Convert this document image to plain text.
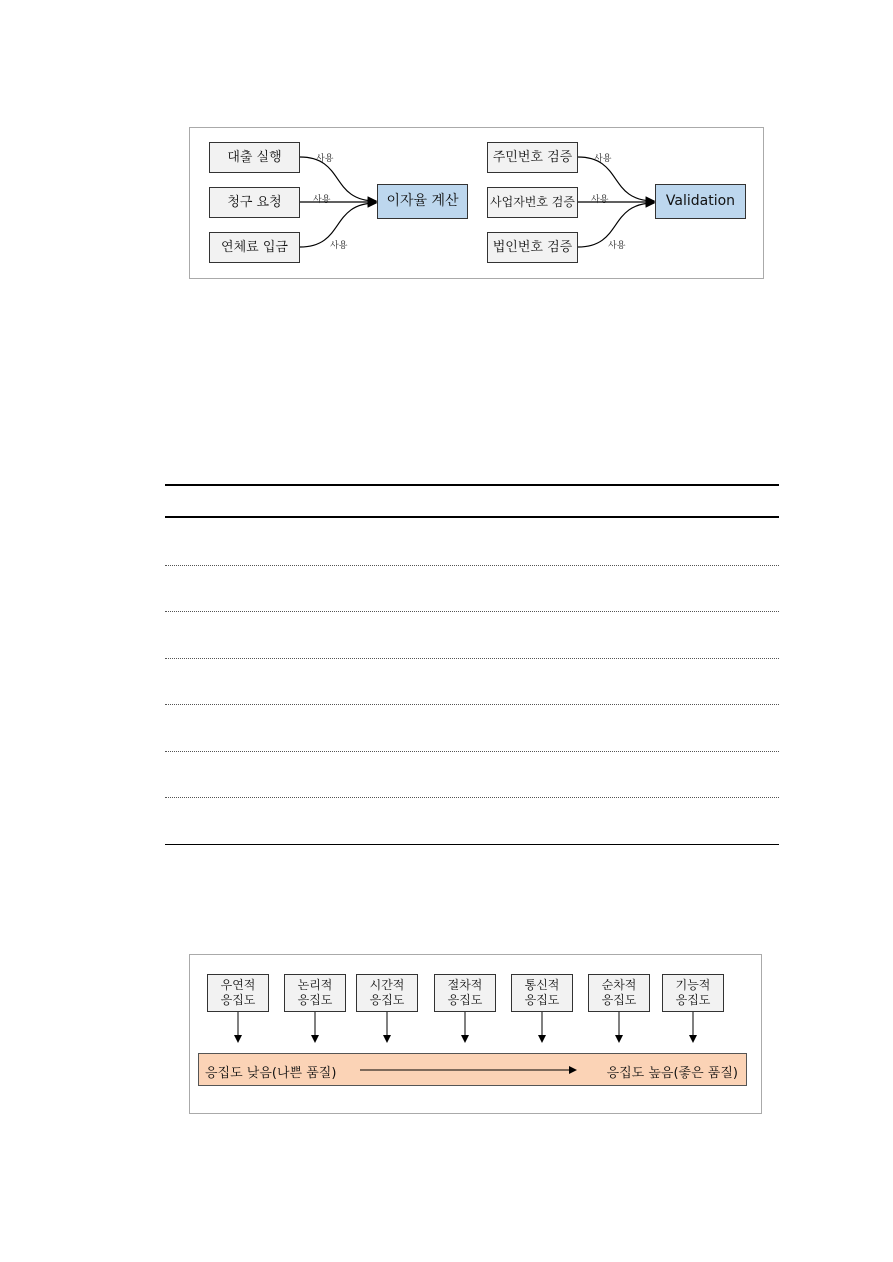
대출 실행
청구 요청
연체료 입금
이자율 계산
주민번호 검증
사업자번호 검증
법인번호 검증
Validation
사용
사용
사용
사용
사용
사용
우연적
응집도
논리적
응집도
시간적
응집도
절차적
응집도
통신적
응집도
순차적
응집도
기능적
응집도
응집도 낮음(나쁜 품질)	응집도 높음(좋은 품질)
